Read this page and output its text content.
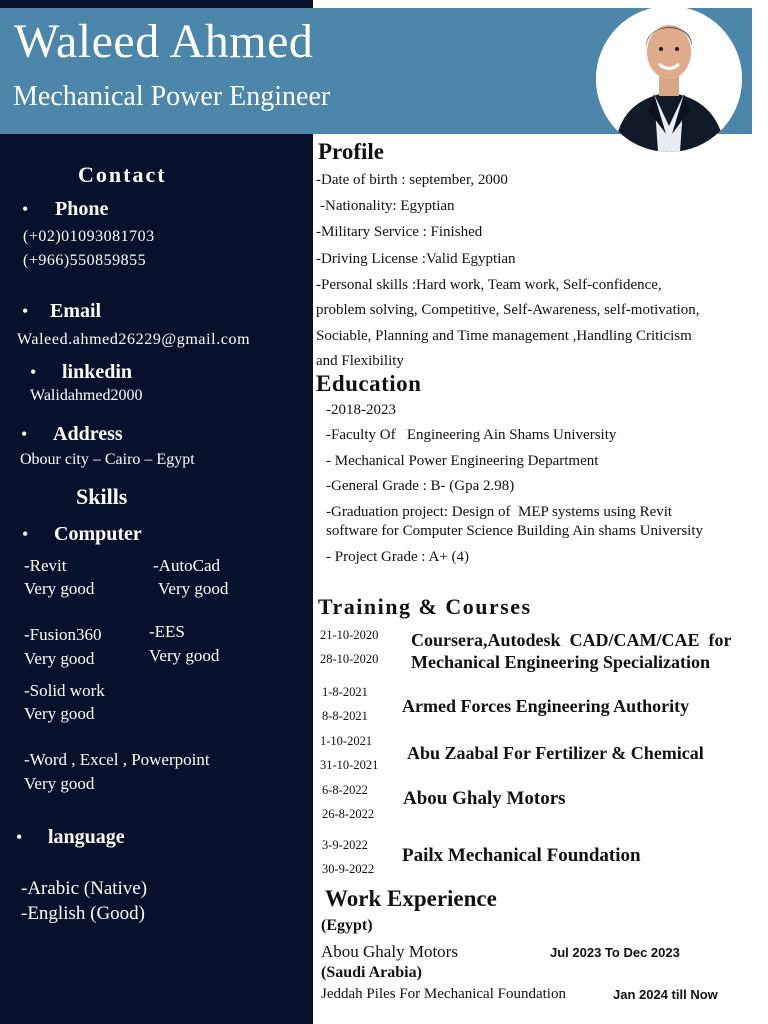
Waleed Ahmed
Mechanical Power Engineer
Contact
• Phone
(+02)01093081703
(+966)550859855
• Email
Waleed.ahmed26229@gmail.com
• linkedin
Walidahmed2000
• Address
Obour city – Cairo – Egypt
Skills
• Computer
-Revit
Very good
-AutoCad
Very good
-Fusion360
Very good
-EES
Very good
-Solid work
Very good
-Word , Excel , Powerpoint
Very good
• language
-Arabic (Native)
-English (Good)
Profile
-Date of birth : september, 2000
-Nationality: Egyptian
-Military Service : Finished
-Driving License :Valid Egyptian
-Personal skills :Hard work, Team work, Self-confidence,
problem solving, Competitive, Self-Awareness, self-motivation,
Sociable, Planning and Time management ,Handling Criticism
and Flexibility
Education
-2018-2023
-Faculty Of   Engineering Ain Shams University
- Mechanical Power Engineering Department
-General Grade : B- (Gpa 2.98)
-Graduation project: Design of  MEP systems using Revit
software for Computer Science Building Ain shams University
- Project Grade : A+ (4)
Training & Courses
21-10-2020
28-10-2020
Coursera,Autodesk  CAD/CAM/CAE  for
Mechanical Engineering Specialization
1-8-2021
8-8-2021 Armed Forces Engineering Authority
1-10-2021
31-10-2021
Abu Zaabal For Fertilizer & Chemical
6-8-2022
26-8-2022
Abou Ghaly Motors
3-9-2022
30-9-2022
Pailx Mechanical Foundation
Work Experience
(Egypt)
Abou Ghaly Motors	Jul 2023 To Dec 2023
(Saudi Arabia)
Jeddah Piles For Mechanical Foundation	Jan 2024 till Now
